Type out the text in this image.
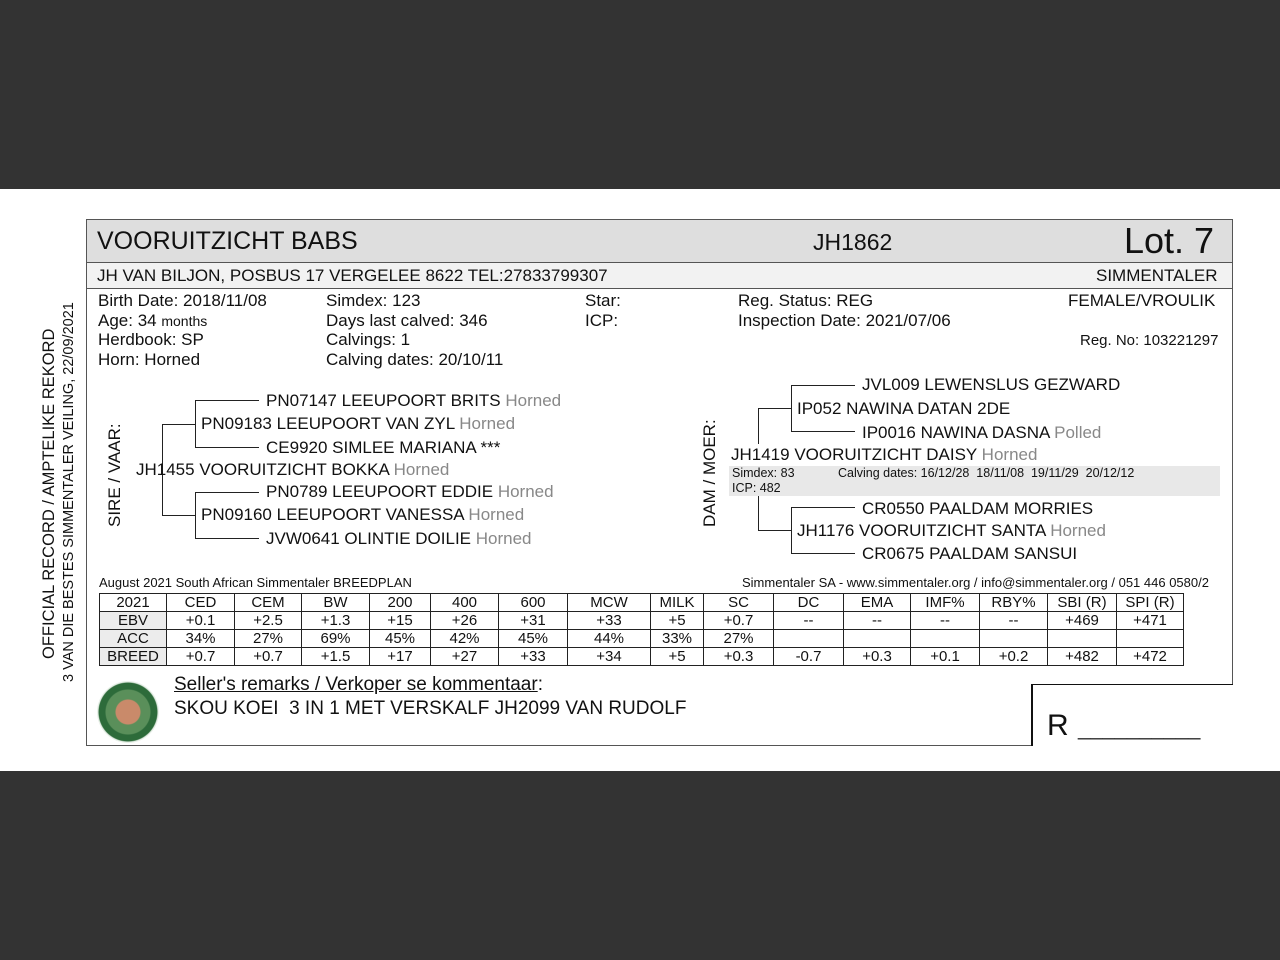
OFFICIAL RECORD / AMPTELIKE REKORD 3 VAN DIE BESTES SIMMENTALER VEILING, 22/09/2021
VOORUITZICHT BABS	JH1862	Lot. 7
JH VAN BILJON, POSBUS 17 VERGELEE 8622 TEL:27833799307	SIMMENTALER
Birth Date: 2018/11/08
Age: 34 months
Herdbook: SP
Horn: Horned
Simdex: 123
Days last calved: 346
Calvings: 1
Calving dates: 20/10/11
Star:
ICP:
Reg. Status: REG
Inspection Date: 2021/07/06
FEMALE/VROULIK
Reg. No: 103221297
SIRE / VAAR:
PN07147 LEEUPOORT BRITS Horned
PN09183 LEEUPOORT VAN ZYL Horned
CE9920 SIMLEE MARIANA ***
JH1455 VOORUITZICHT BOKKA Horned
PN0789 LEEUPOORT EDDIE Horned
PN09160 LEEUPOORT VANESSA Horned
JVW0641 OLINTIE DOILIE Horned
DAM / MOER:
JVL009 LEWENSLUS GEZWARD
IP052 NAWINA DATAN 2DE
IP0016 NAWINA DASNA Polled
JH1419 VOORUITZICHT DAISY Horned
Simdex: 83	Calving dates: 16/12/28  18/11/08  19/11/29  20/12/12
ICP: 482
CR0550 PAALDAM MORRIES
JH1176 VOORUITZICHT SANTA Horned
CR0675 PAALDAM SANSUI
August 2021 South African Simmentaler BREEDPLAN	Simmentaler SA - www.simmentaler.org / info@simmentaler.org / 051 446 0580/2
2021	CED	CEM	BW	200	400	600	MCW	MILK	SC	DC	EMA	IMF%	RBY%	SBI (R)	SPI (R)
EBV	+0.1	+2.5	+1.3	+15	+26	+31	+33	+5	+0.7	--	--	--	--	+469	+471
ACC	34%	27%	69%	45%	42%	45%	44%	33%	27%						
BREED	+0.7	+0.7	+1.5	+17	+27	+33	+34	+5	+0.3	-0.7	+0.3	+0.1	+0.2	+482	+472
Seller's remarks / Verkoper se kommentaar:
SKOU KOEI  3 IN 1 MET VERSKALF JH2099 VAN RUDOLF
R __________
